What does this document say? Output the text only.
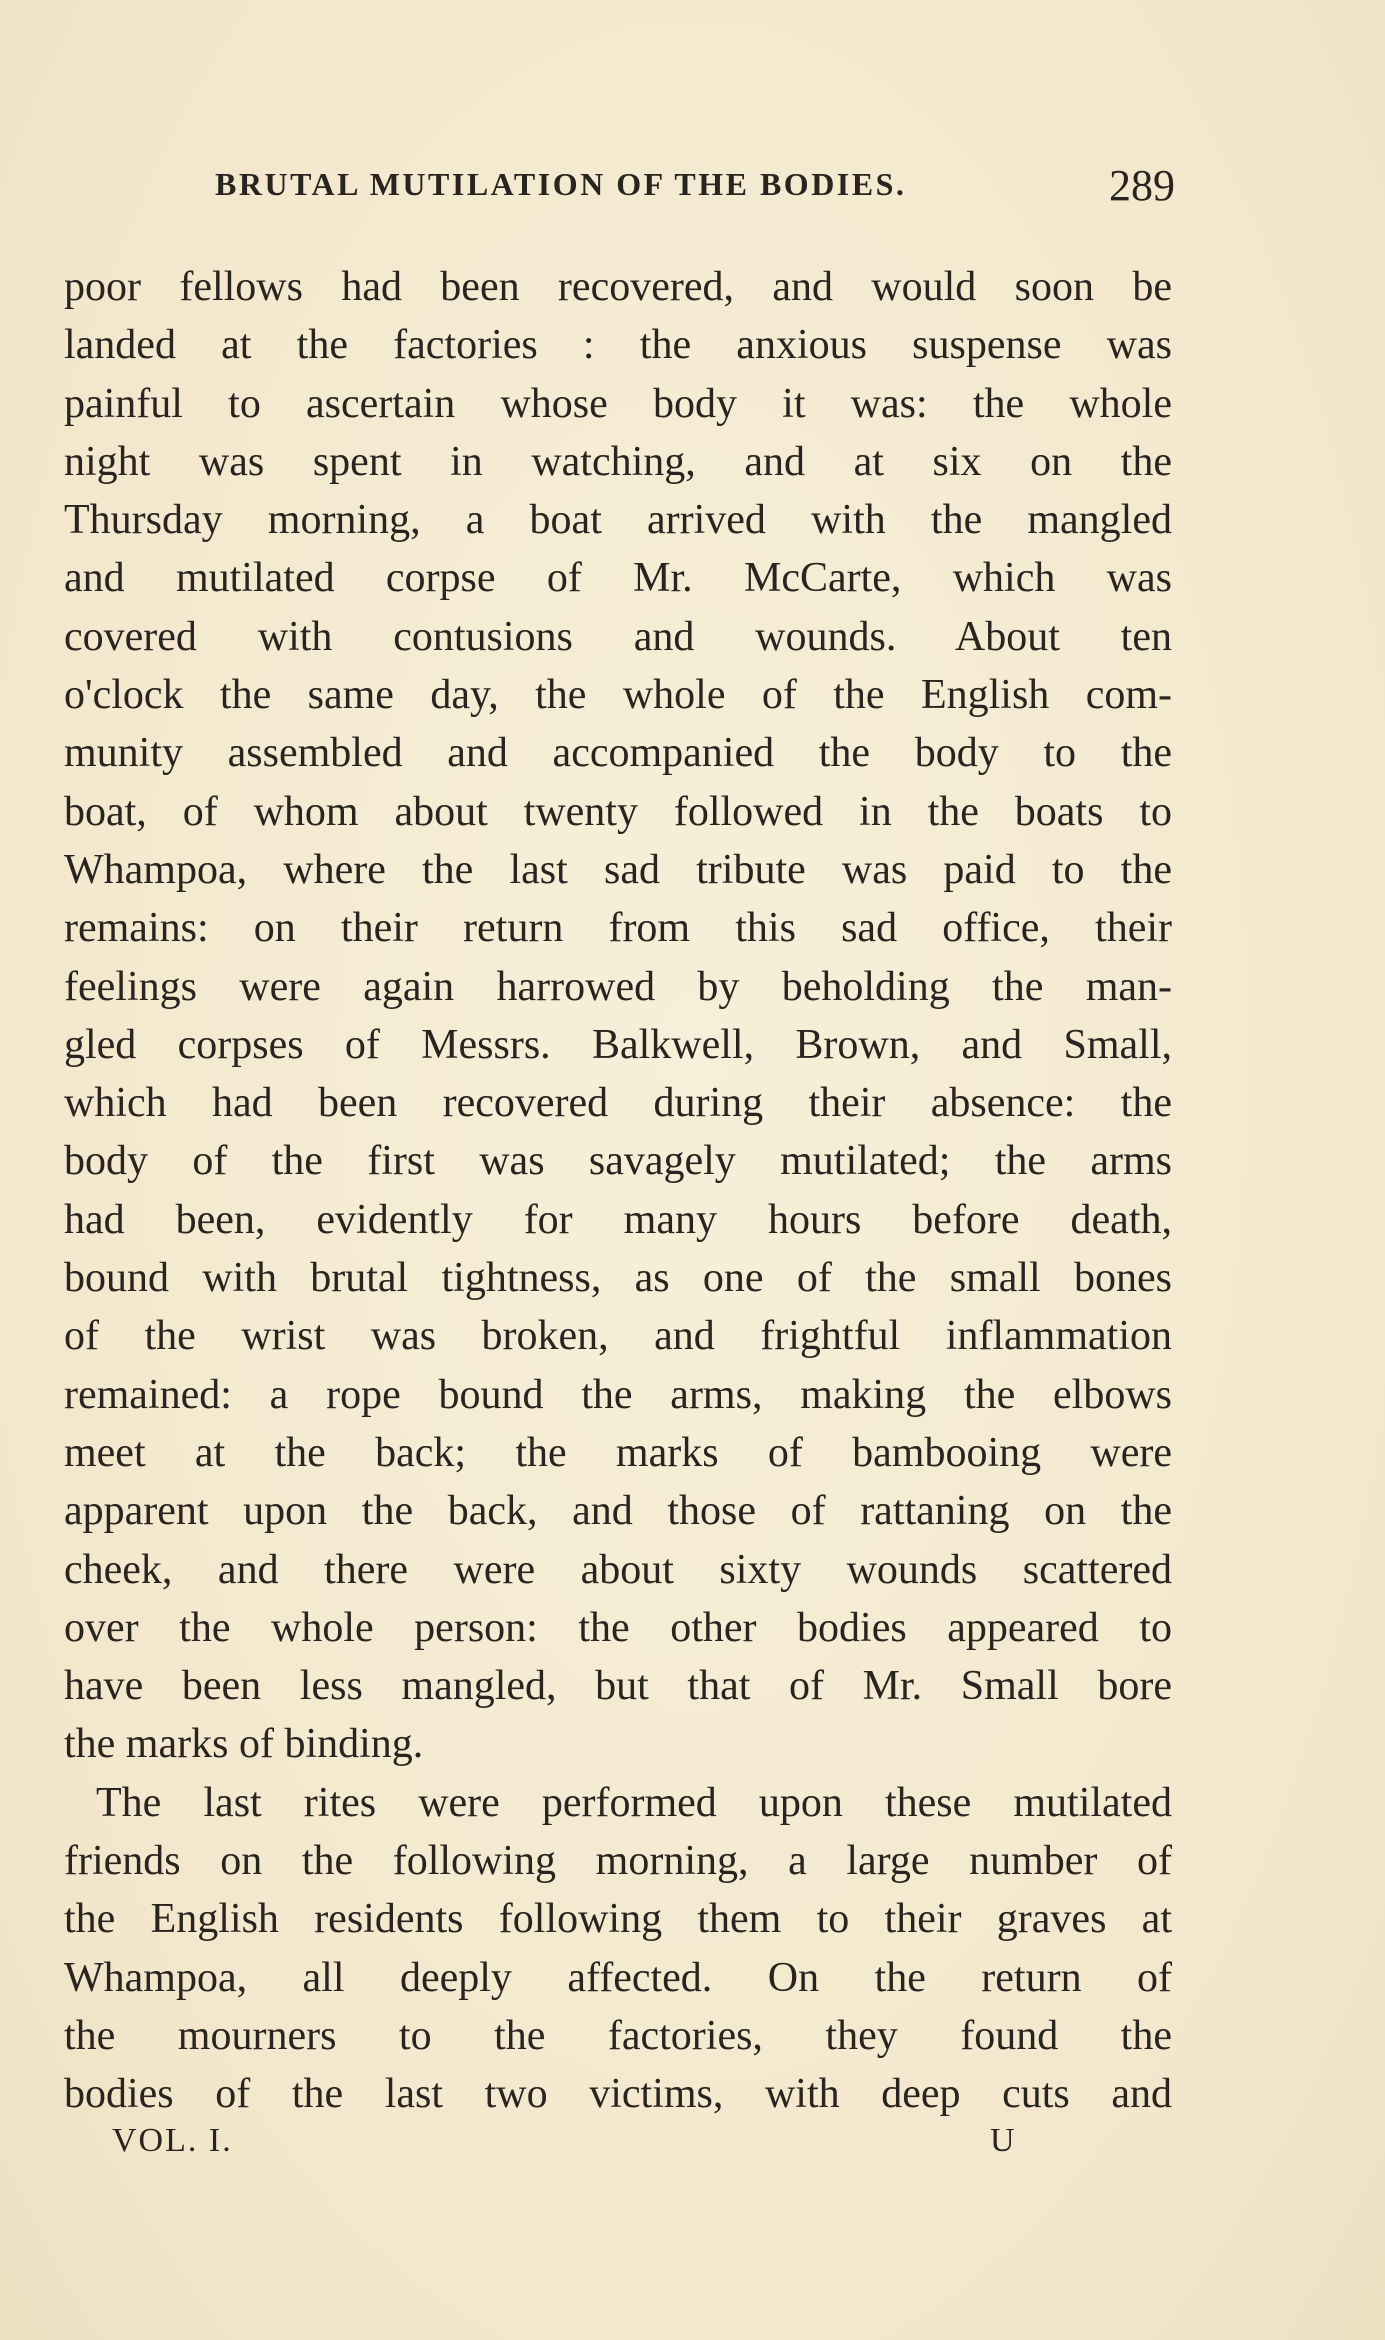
BRUTAL MUTILATION OF THE BODIES.	289
poor fellows had been recovered, and would soon be
landed at the factories : the anxious suspense was
painful to ascertain whose body it was: the whole
night was spent in watching, and at six on the
Thursday morning, a boat arrived with the mangled
and mutilated corpse of Mr. McCarte, which was
covered with contusions and wounds. About ten
o'clock the same day, the whole of the English com-
munity assembled and accompanied the body to the
boat, of whom about twenty followed in the boats to
Whampoa, where the last sad tribute was paid to the
remains: on their return from this sad office, their
feelings were again harrowed by beholding the man-
gled corpses of Messrs. Balkwell, Brown, and Small,
which had been recovered during their absence: the
body of the first was savagely mutilated; the arms
had been, evidently for many hours before death,
bound with brutal tightness, as one of the small bones
of the wrist was broken, and frightful inflammation
remained: a rope bound the arms, making the elbows
meet at the back; the marks of bambooing were
apparent upon the back, and those of rattaning on the
cheek, and there were about sixty wounds scattered
over the whole person: the other bodies appeared to
have been less mangled, but that of Mr. Small bore
the marks of binding.
The last rites were performed upon these mutilated
friends on the following morning, a large number of
the English residents following them to their graves at
Whampoa, all deeply affected. On the return of
the mourners to the factories, they found the
bodies of the last two victims, with deep cuts and
VOL. I.	U
